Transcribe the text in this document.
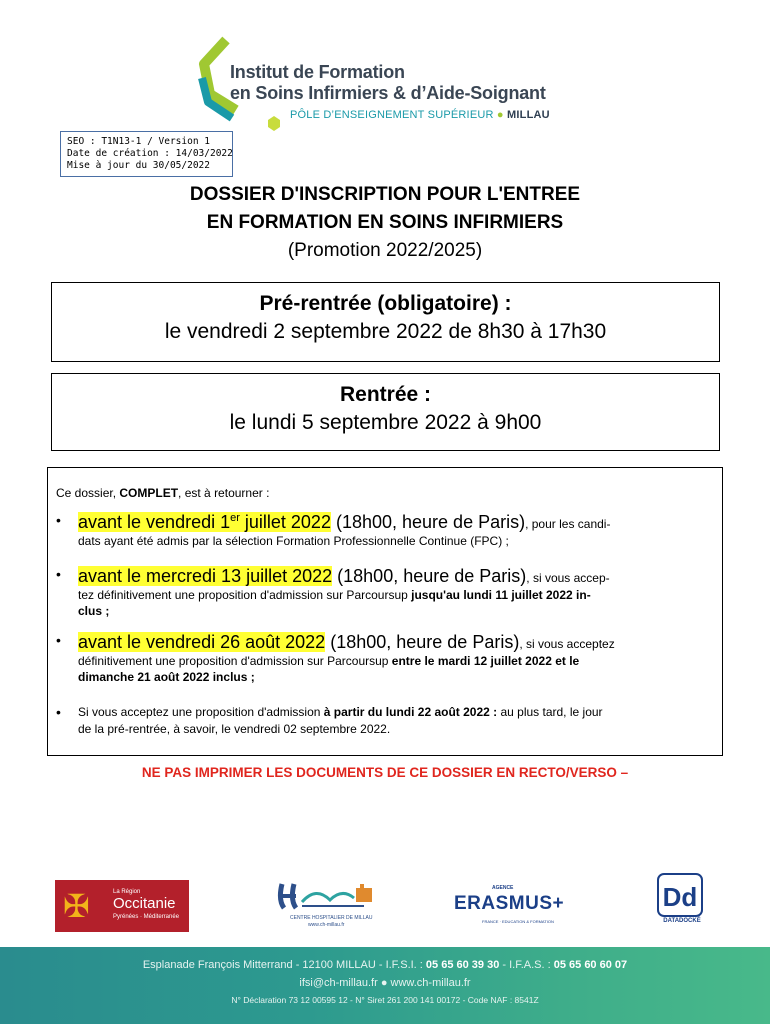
Institut de Formation
en Soins Infirmiers & d’Aide-Soignant
PÔLE D’ENSEIGNEMENT SUPÉRIEUR ● MILLAU
SEO : T1N13-1 / Version 1
Date de création : 14/03/2022
Mise à jour du 30/05/2022
DOSSIER D'INSCRIPTION POUR L'ENTREE
EN FORMATION EN SOINS INFIRMIERS
(Promotion 2022/2025)
Pré-rentrée (obligatoire) :
le vendredi 2 septembre 2022 de 8h30 à 17h30
Rentrée :
le lundi 5 septembre 2022 à 9h00
Ce dossier, COMPLET, est à retourner :
• avant le vendredi 1er juillet 2022 (18h00, heure de Paris), pour les candi-
dats ayant été admis par la sélection Formation Professionnelle Continue (FPC) ;
• avant le mercredi 13 juillet 2022 (18h00, heure de Paris), si vous accep-
tez définitivement une proposition d'admission sur Parcoursup jusqu'au lundi 11 juillet 2022 in-
clus ;
• avant le vendredi 26 août 2022 (18h00, heure de Paris), si vous acceptez
définitivement une proposition d'admission sur Parcoursup entre le mardi 12 juillet 2022 et le
dimanche 21 août 2022 inclus ;
• Si vous acceptez une proposition d'admission à partir du lundi 22 août 2022 : au plus tard, le jour
de la pré-rentrée, à savoir, le vendredi 02 septembre 2022.
NE PAS IMPRIMER LES DOCUMENTS DE CE DOSSIER EN RECTO/VERSO –
✠	La Région
Occitanie
Pyrénées · Méditerranée	CENTRE HOSPITALIER DE MILLAU
www.ch-millau.fr
AGENCE
ERASMUS+
FRANCE · EDUCATION & FORMATION
Dd
DATADOCKÉ
Esplanade François Mitterrand - 12100 MILLAU - I.F.S.I. : 05 65 60 39 30 - I.F.A.S. : 05 65 60 60 07
ifsi@ch-millau.fr ● www.ch-millau.fr
N° Déclaration 73 12 00595 12 - N° Siret 261 200 141 00172 - Code NAF : 8541Z
